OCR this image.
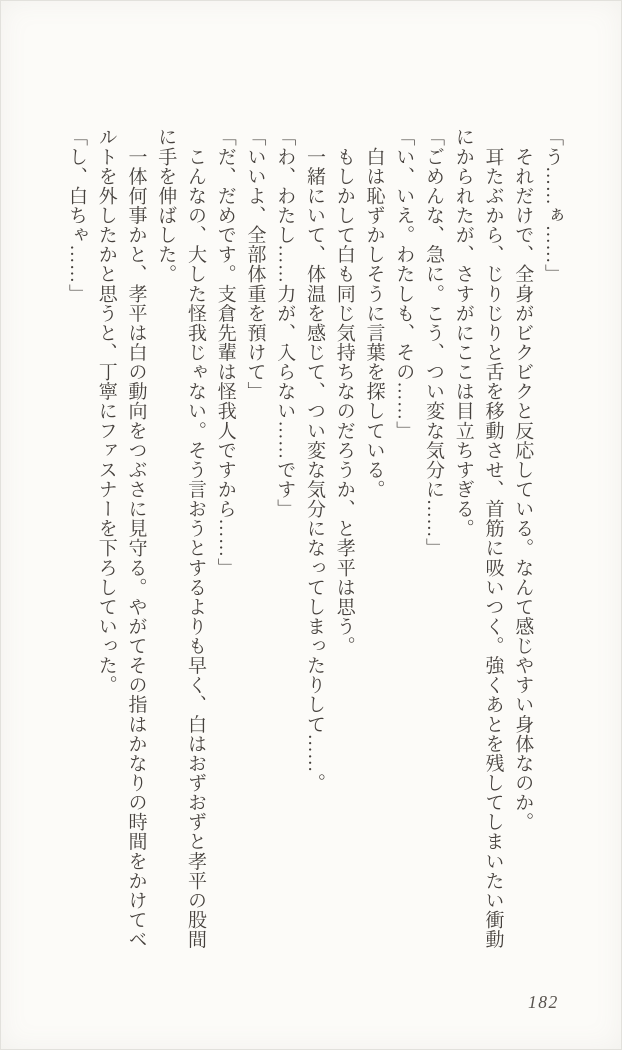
「う……ぁ……」

　それだけで、全身がビクビクと反応している。なんて感じやすい身体なのか。

　耳たぶから、じりじりと舌を移動させ、首筋に吸いつく。強くあとを残してしまいたい衝動にかられたが、さすがにここは目立ちすぎる。

「ごめんな、急に。こう、つい変な気分に……」

「い、いえ。わたしも、その……」

　白は恥ずかしそうに言葉を探している。

　もしかして白も同じ気持ちなのだろうか、と孝平は思う。

　一緒にいて、体温を感じて、つい変な気分になってしまったりして……。

「わ、わたし……力が、入らない……です」

「いいよ、全部体重を預けて」

「だ、だめです。支倉先輩は怪我人ですから……」

　こんなの、大した怪我じゃない。そう言おうとするよりも早く、白はおずおずと孝平の股間に手を伸ばした。

　一体何事かと、孝平は白の動向をつぶさに見守る。やがてその指はかなりの時間をかけてベルトを外したかと思うと、丁寧にファスナーを下ろしていった。

「し、白ちゃ……」

182
